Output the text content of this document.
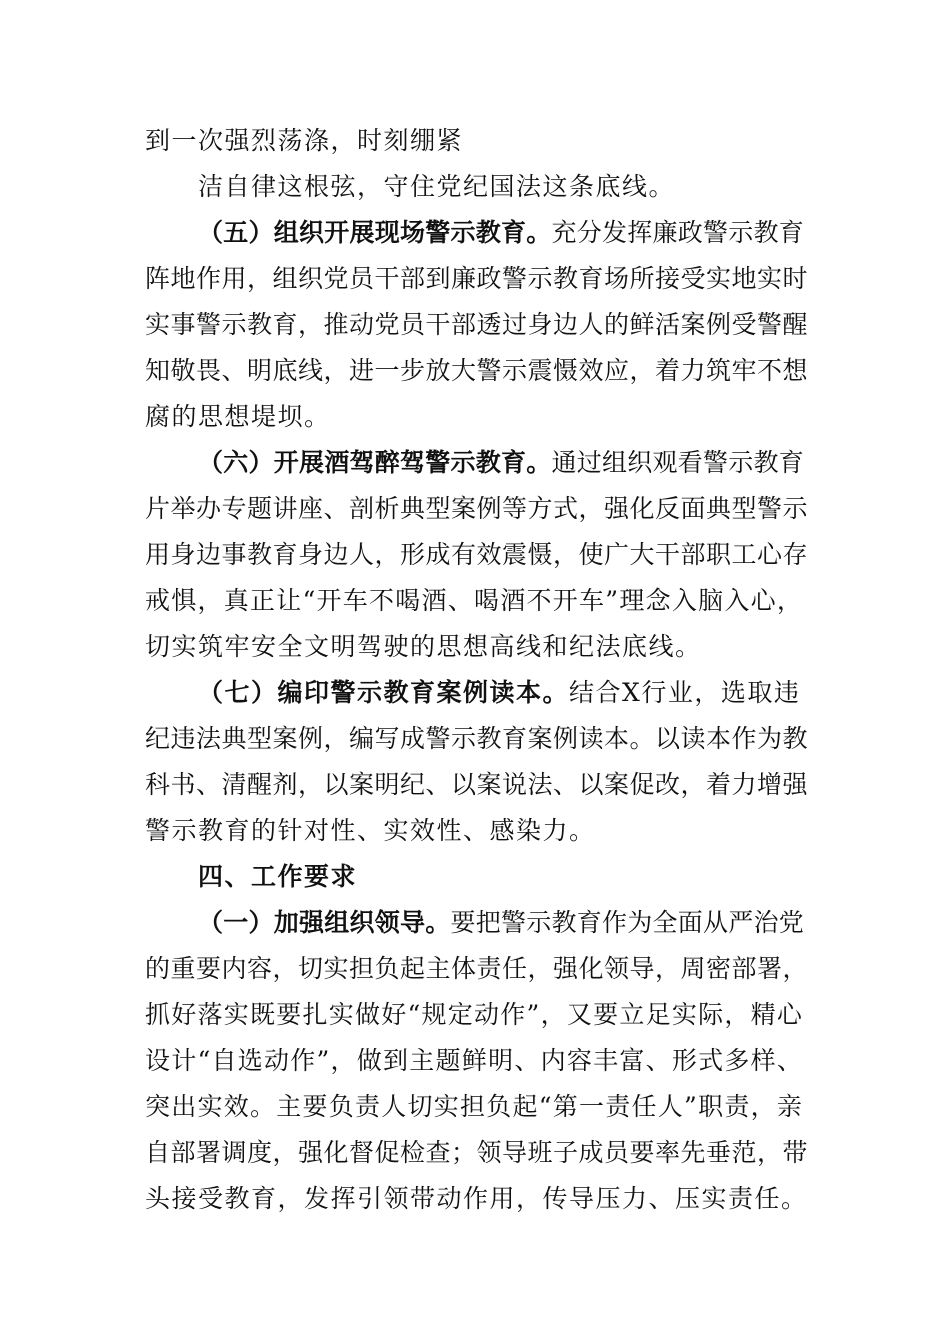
到一次强烈荡涤，时刻绷紧
洁自律这根弦，守住党纪国法这条底线。
（五）组织开展现场警示教育。充分发挥廉政警示教育
阵地作用，组织党员干部到廉政警示教育场所接受实地实时
实事警示教育，推动党员干部透过身边人的鲜活案例受警醒
知敬畏、明底线，进一步放大警示震慑效应，着力筑牢不想
腐的思想堤坝。
（六）开展酒驾醉驾警示教育。通过组织观看警示教育
片举办专题讲座、剖析典型案例等方式，强化反面典型警示
用身边事教育身边人，形成有效震慑，使广大干部职工心存
戒惧，真正让“开车不喝酒、喝酒不开车”理念入脑入心，
切实筑牢安全文明驾驶的思想高线和纪法底线。
（七）编印警示教育案例读本。结合X行业，选取违
纪违法典型案例，编写成警示教育案例读本。以读本作为教
科书、清醒剂，以案明纪、以案说法、以案促改，着力增强
警示教育的针对性、实效性、感染力。
四、工作要求
（一）加强组织领导。要把警示教育作为全面从严治党
的重要内容，切实担负起主体责任，强化领导，周密部署，
抓好落实既要扎实做好“规定动作”，又要立足实际，精心
设计“自选动作”，做到主题鲜明、内容丰富、形式多样、
突出实效。主要负责人切实担负起“第一责任人”职责，亲
自部署调度，强化督促检查；领导班子成员要率先垂范，带
头接受教育，发挥引领带动作用，传导压力、压实责任。
